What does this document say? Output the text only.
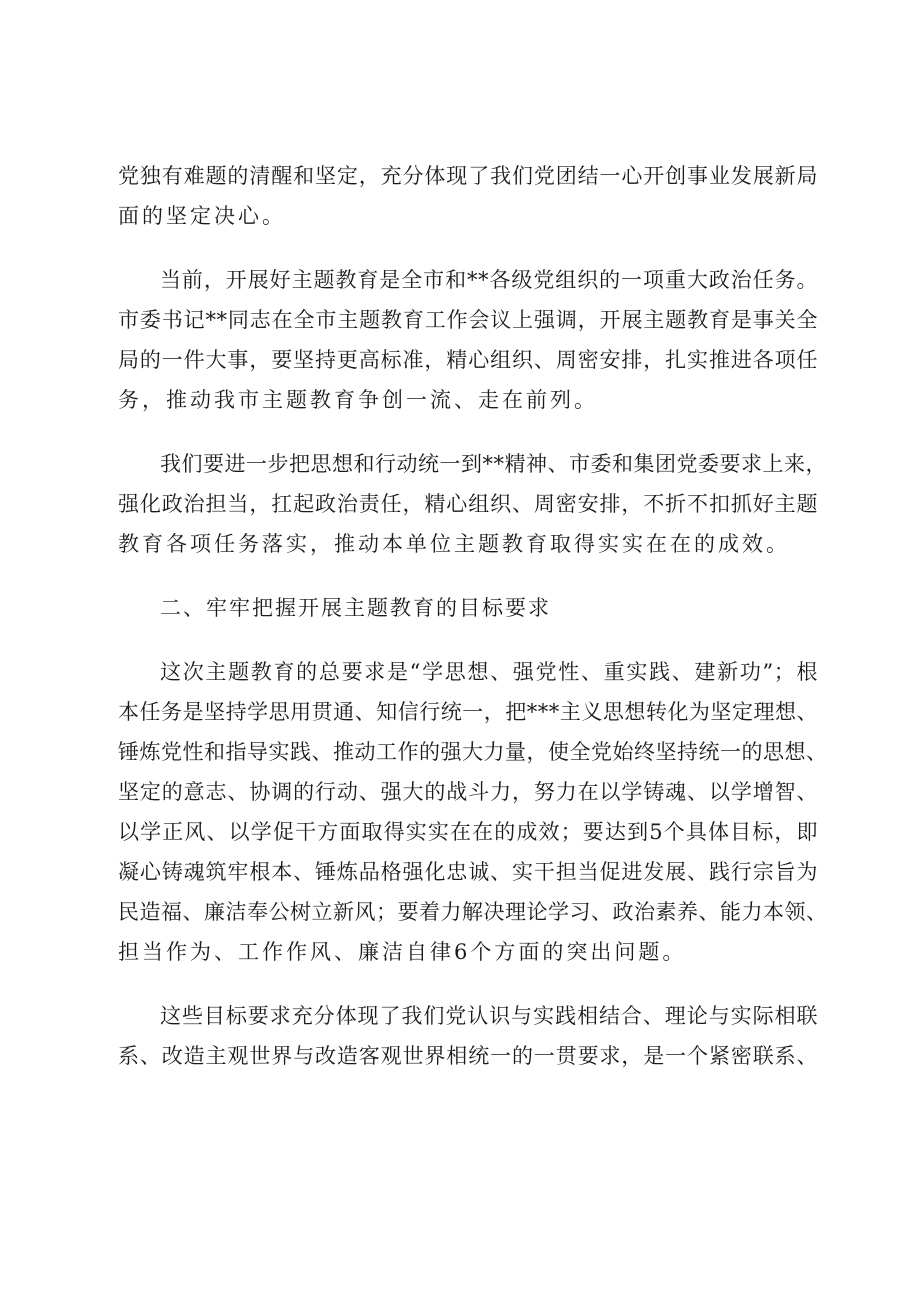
党独有难题的清醒和坚定，充分体现了我们党团结一心开创事业发展新局
面的坚定决心。
当前，开展好主题教育是全市和**各级党组织的一项重大政治任务。
市委书记**同志在全市主题教育工作会议上强调，开展主题教育是事关全
局的一件大事，要坚持更高标准，精心组织、周密安排，扎实推进各项任
务，推动我市主题教育争创一流、走在前列。
我们要进一步把思想和行动统一到**精神、市委和集团党委要求上来，
强化政治担当，扛起政治责任，精心组织、周密安排，不折不扣抓好主题
教育各项任务落实，推动本单位主题教育取得实实在在的成效。
二、牢牢把握开展主题教育的目标要求
这次主题教育的总要求是“学思想、强党性、重实践、建新功”；根
本任务是坚持学思用贯通、知信行统一，把***主义思想转化为坚定理想、
锤炼党性和指导实践、推动工作的强大力量，使全党始终坚持统一的思想、
坚定的意志、协调的行动、强大的战斗力，努力在以学铸魂、以学增智、
以学正风、以学促干方面取得实实在在的成效；要达到5个具体目标，即
凝心铸魂筑牢根本、锤炼品格强化忠诚、实干担当促进发展、践行宗旨为
民造福、廉洁奉公树立新风；要着力解决理论学习、政治素养、能力本领、
担当作为、工作作风、廉洁自律6个方面的突出问题。
这些目标要求充分体现了我们党认识与实践相结合、理论与实际相联
系、改造主观世界与改造客观世界相统一的一贯要求，是一个紧密联系、
